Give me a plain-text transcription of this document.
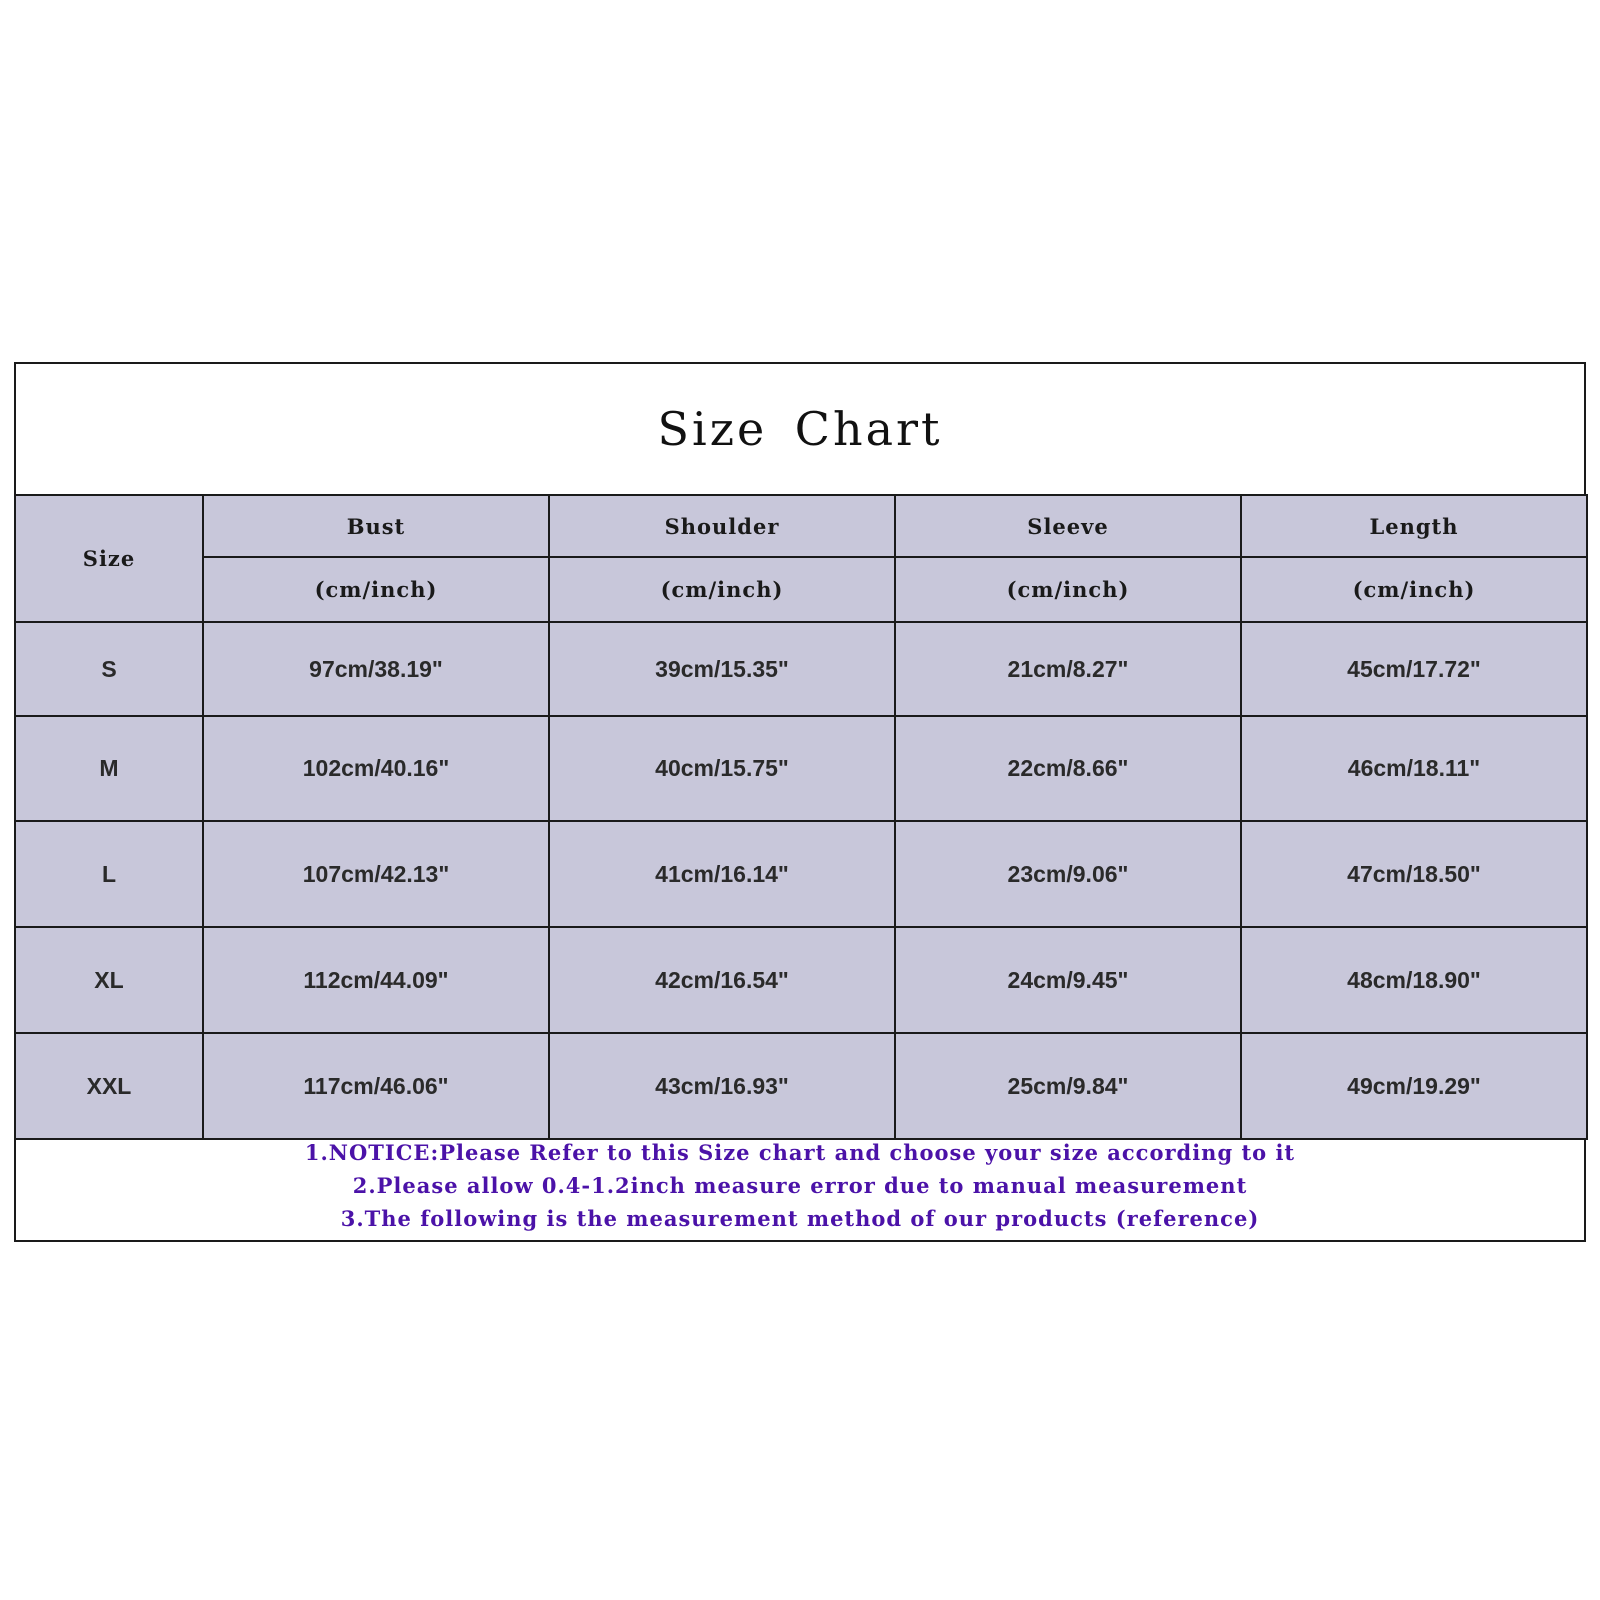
Size Chart
Size	Bust	Shoulder	Sleeve	Length
	(cm/inch)	(cm/inch)	(cm/inch)	(cm/inch)
S	97cm/38.19"	39cm/15.35"	21cm/8.27"	45cm/17.72"
M	102cm/40.16"	40cm/15.75"	22cm/8.66"	46cm/18.11"
L	107cm/42.13"	41cm/16.14"	23cm/9.06"	47cm/18.50"
XL	112cm/44.09"	42cm/16.54"	24cm/9.45"	48cm/18.90"
XXL	117cm/46.06"	43cm/16.93"	25cm/9.84"	49cm/19.29"
1.NOTICE:Please Refer to this Size chart and choose your size according to it
2.Please allow 0.4-1.2inch measure error due to manual measurement
3.The following is the measurement method of our products (reference)
